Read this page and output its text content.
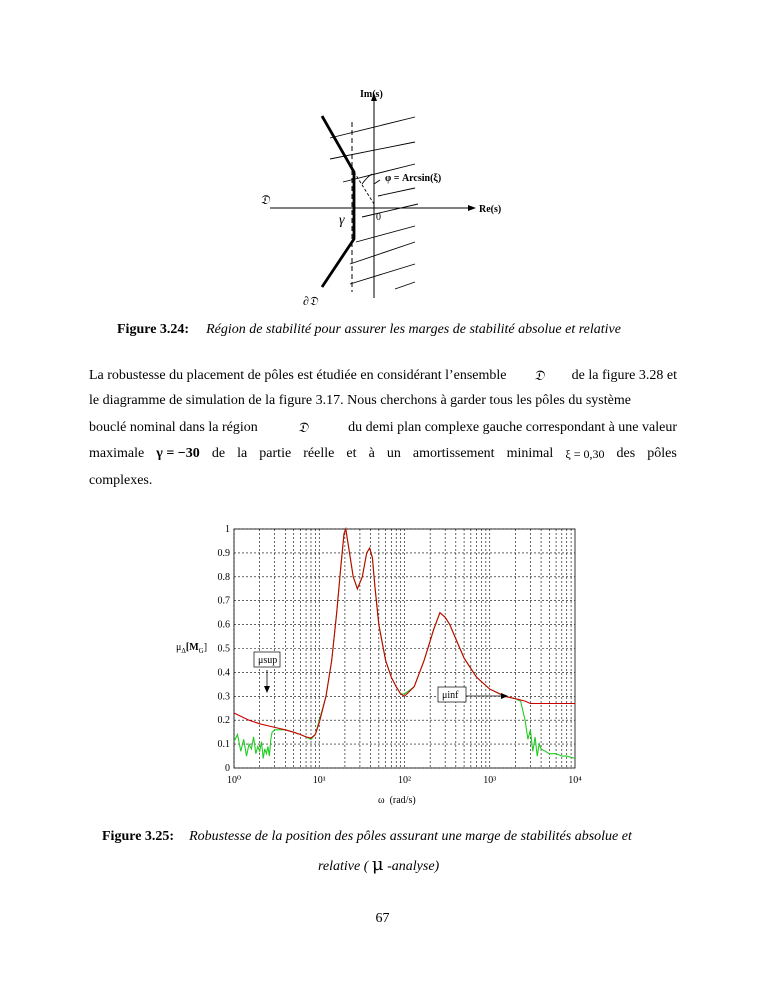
Im(s)
Re(s)
𝔇
∂𝔇
γ	0
φ = Arcsin(ξ)
Figure 3.24: Région de stabilité pour assurer les marges de stabilité absolue et relative
La robustesse du placement de pôles est étudiée en considérant l’ensemble 𝔇 de la figure 3.28 et
le diagramme de simulation de la figure 3.17. Nous cherchons à garder tous les pôles du système
bouclé nominal dans la région	𝔇	du demi plan complexe gauche correspondant à une valeur
maximale γ = −30 de la partie réelle et à un amortissement minimal ξ = 0,30 des pôles
complexes.
0
0.1
0.2
0.3
0.4
0.5
0.6
0.7
0.8
0.9
1
10⁰	10¹	10²	10³	10⁴
$\mu_\Delta[M_G]$
ω  (rad/s)
μsup
μinf
Figure 3.25: Robustesse de la position des pôles assurant une marge de stabilités absolue et
relative ( μ -analyse)
67
